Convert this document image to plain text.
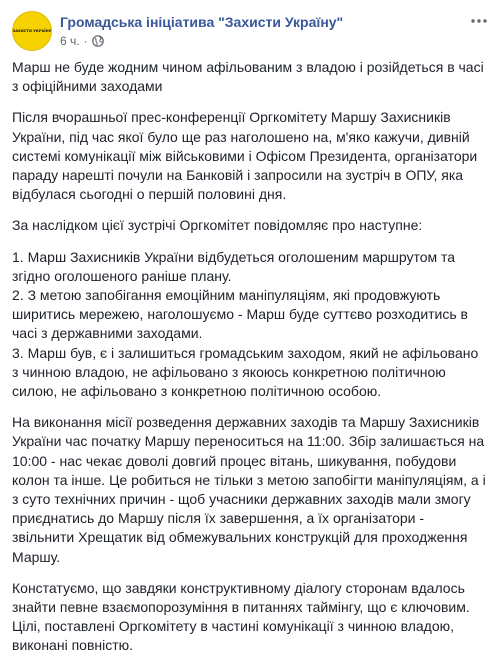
ЗАХИСТИ УКРАЇНУ
Громадська ініціатива "Захисти Україну"
6 ч. ·

Марш не буде жодним чином афільованим з владою і розійдеться в часі
з офіційними заходами

Після вчорашньої прес-конференції Оргкомітету Маршу Захисників
України, під час якої було ще раз наголошено на, м'яко кажучи, дивній
системі комунікації між військовими і Офісом Президента, організатори
параду нарешті почули на Банковій і запросили на зустріч в ОПУ, яка
відбулася сьогодні о першій половині дня.

За наслідком цієї зустрічі Оргкомітет повідомляє про наступне:

1. Марш Захисників України відбудеться оголошеним маршрутом та
згідно оголошеного раніше плану.
2. З метою запобігання емоційним маніпуляціям, які продовжують
ширитись мережею, наголошуємо - Марш буде суттєво розходитись в
часі з державними заходами.
3. Марш був, є і залишиться громадським заходом, який не афільовано
з чинною владою, не афільовано з якоюсь конкретною політичною
силою, не афільовано з конкретною політичною особою.

На виконання місії розведення державних заходів та Маршу Захисників
України час початку Маршу переноситься на 11:00. Збір залишається на
10:00 - нас чекає доволі довгий процес вітань, шикування, побудови
колон та інше. Це робиться не тільки з метою запобігти маніпуляціям, а і
з суто технічних причин - щоб учасники державних заходів мали змогу
приєднатись до Маршу після їх завершення, а їх організатори -
звільнити Хрещатик від обмежувальних конструкцій для проходження
Маршу.

Констатуємо, що завдяки конструктивному діалогу сторонам вдалось
знайти певне взаємопорозуміння в питаннях таймінгу, що є ключовим.
Цілі, поставлені Оргкомітету в частині комунікації з чинною владою,
виконані повністю.
